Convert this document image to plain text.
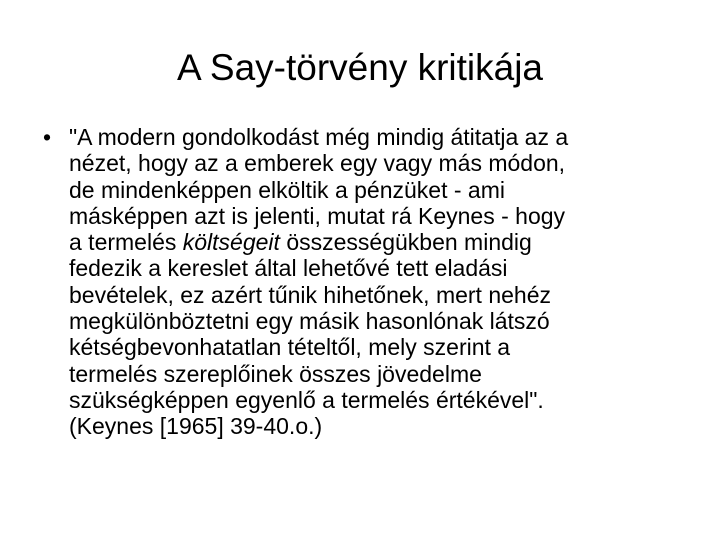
A Say-törvény kritikája
• "A modern gondolkodást még mindig átitatja az a
nézet, hogy az a emberek egy vagy más módon,
de mindenképpen elköltik a pénzüket - ami
másképpen azt is jelenti, mutat rá Keynes - hogy
a termelés költségeit összességükben mindig
fedezik a kereslet által lehetővé tett eladási
bevételek, ez azért tűnik hihetőnek, mert nehéz
megkülönböztetni egy másik hasonlónak látszó
kétségbevonhatatlan tételtől, mely szerint a
termelés szereplőinek összes jövedelme
szükségképpen egyenlő a termelés értékével".
(Keynes [1965] 39-40.o.)
